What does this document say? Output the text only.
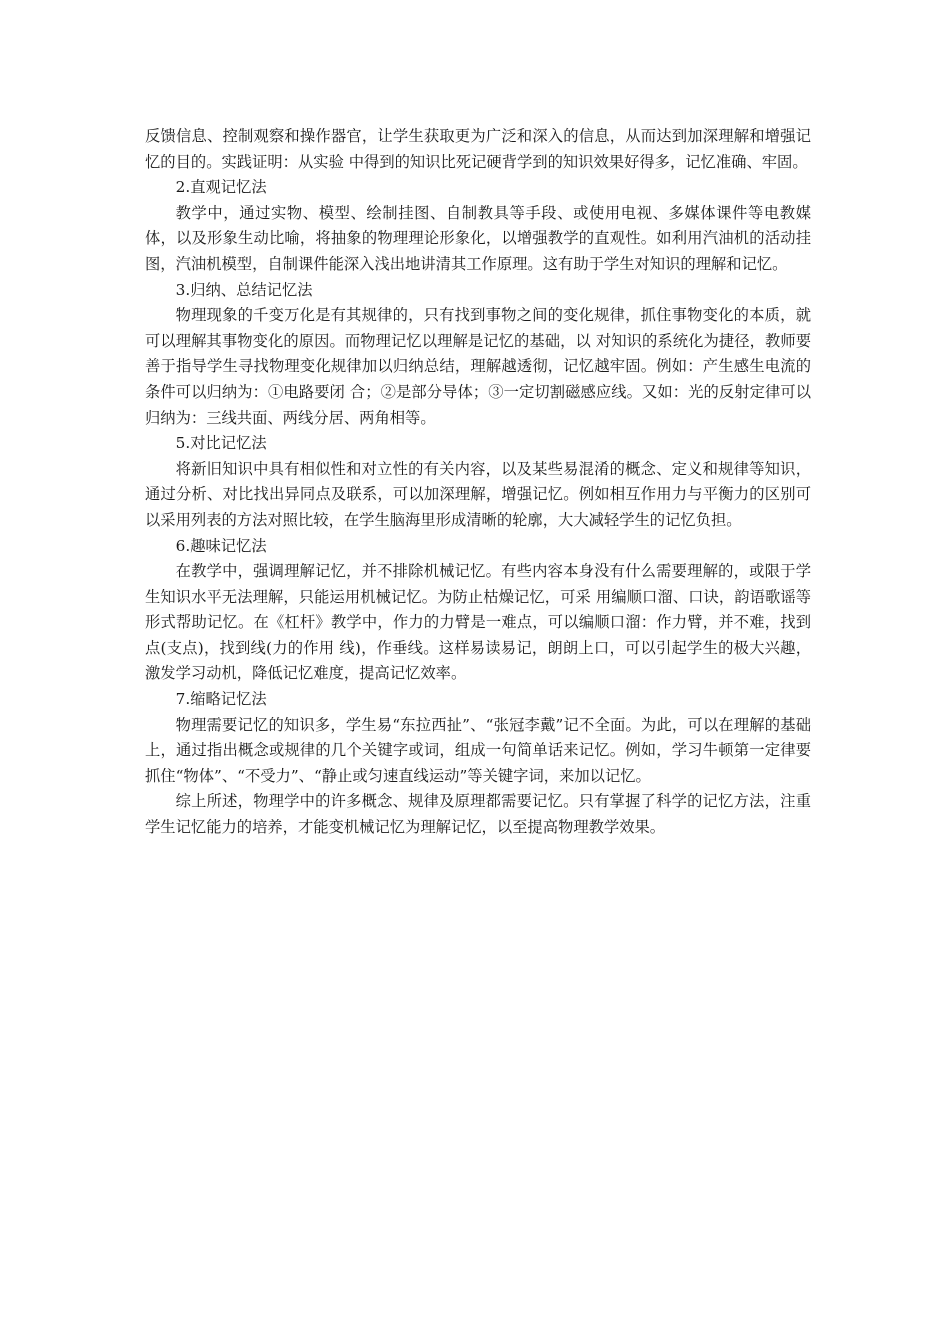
反馈信息、控制观察和操作器官，让学生获取更为广泛和深入的信息，从而达到加深理解和增强记忆的目的。实践证明：从实验 中得到的知识比死记硬背学到的知识效果好得多，记忆准确、牢固。

2.直观记忆法

教学中，通过实物、模型、绘制挂图、自制教具等手段、或使用电视、多媒体课件等电教媒体，以及形象生动比喻，将抽象的物理理论形象化，以增强教学的直观性。如利用汽油机的活动挂图，汽油机模型，自制课件能深入浅出地讲清其工作原理。这有助于学生对知识的理解和记忆。

3.归纳、总结记忆法

物理现象的千变万化是有其规律的，只有找到事物之间的变化规律，抓住事物变化的本质，就可以理解其事物变化的原因。而物理记忆以理解是记忆的基础，以 对知识的系统化为捷径，教师要善于指导学生寻找物理变化规律加以归纳总结，理解越透彻，记忆越牢固。例如：产生感生电流的条件可以归纳为：①电路要闭 合；②是部分导体；③一定切割磁感应线。又如：光的反射定律可以归纳为：三线共面、两线分居、两角相等。

5.对比记忆法

将新旧知识中具有相似性和对立性的有关内容，以及某些易混淆的概念、定义和规律等知识，通过分析、对比找出异同点及联系，可以加深理解，增强记忆。例如相互作用力与平衡力的区别可以采用列表的方法对照比较，在学生脑海里形成清晰的轮廓，大大减轻学生的记忆负担。

6.趣味记忆法

在教学中，强调理解记忆，并不排除机械记忆。有些内容本身没有什么需要理解的，或限于学生知识水平无法理解，只能运用机械记忆。为防止枯燥记忆，可采 用编顺口溜、口诀，韵语歌谣等形式帮助记忆。在《杠杆》教学中，作力的力臂是一难点，可以编顺口溜：作力臂，并不难，找到点(支点)，找到线(力的作用 线)，作垂线。这样易读易记，朗朗上口，可以引起学生的极大兴趣，激发学习动机，降低记忆难度，提高记忆效率。

7.缩略记忆法

物理需要记忆的知识多，学生易“东拉西扯”、“张冠李戴”记不全面。为此，可以在理解的基础上，通过指出概念或规律的几个关键字或词，组成一句简单话来记忆。例如，学习牛顿第一定律要抓住“物体”、“不受力”、“静止或匀速直线运动”等关键字词，来加以记忆。

综上所述，物理学中的许多概念、规律及原理都需要记忆。只有掌握了科学的记忆方法，注重学生记忆能力的培养，才能变机械记忆为理解记忆，以至提高物理教学效果。
